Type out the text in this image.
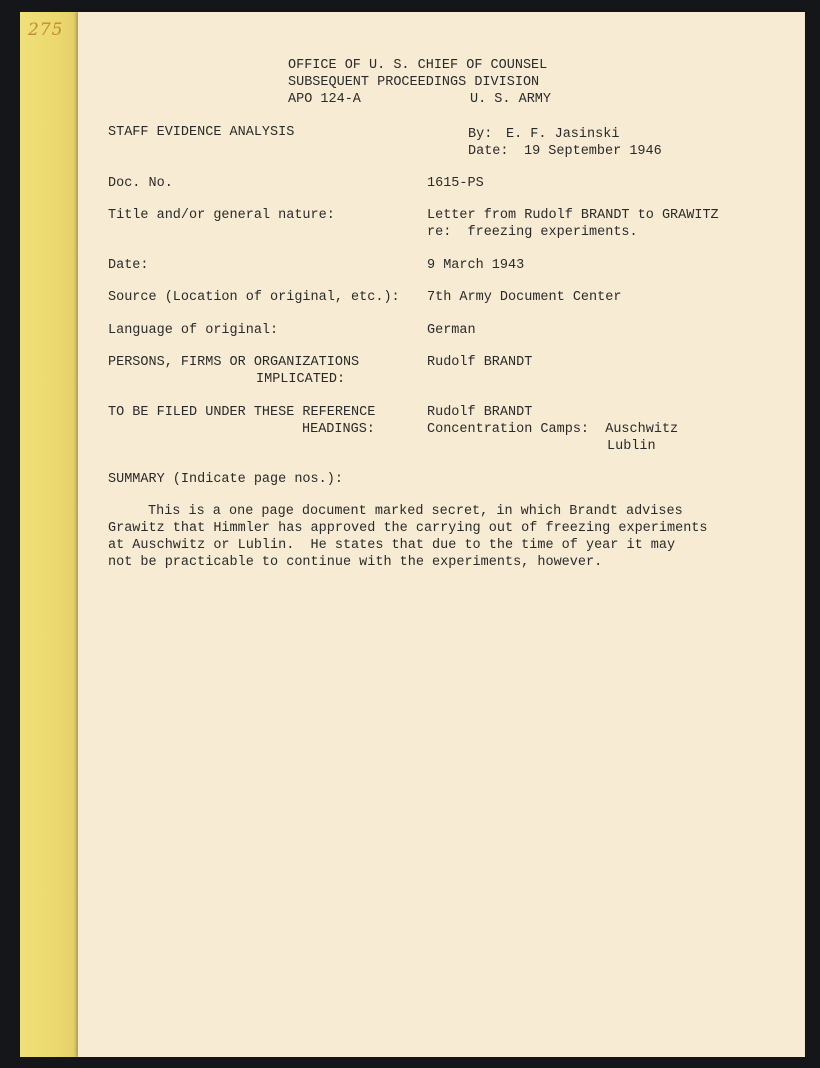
275
OFFICE OF U. S. CHIEF OF COUNSEL
SUBSEQUENT PROCEEDINGS DIVISION
APO 124-A	U. S. ARMY
STAFF EVIDENCE ANALYSIS	By: E. F. Jasinski
Date: 19 September 1946
Doc. No.	1615-PS
Title and/or general nature:	Letter from Rudolf BRANDT to GRAWITZ
re:  freezing experiments.
Date:	9 March 1943
Source (Location of original, etc.): 7th Army Document Center
Language of original:	German
PERSONS, FIRMS OR ORGANIZATIONS
IMPLICATED:
Rudolf BRANDT
TO BE FILED UNDER THESE REFERENCE
HEADINGS:
Rudolf BRANDT
Concentration Camps:  Auschwitz
Lublin
SUMMARY (Indicate page nos.):
This is a one page document marked secret, in which Brandt advises
Grawitz that Himmler has approved the carrying out of freezing experiments
at Auschwitz or Lublin.  He states that due to the time of year it may
not be practicable to continue with the experiments, however.
